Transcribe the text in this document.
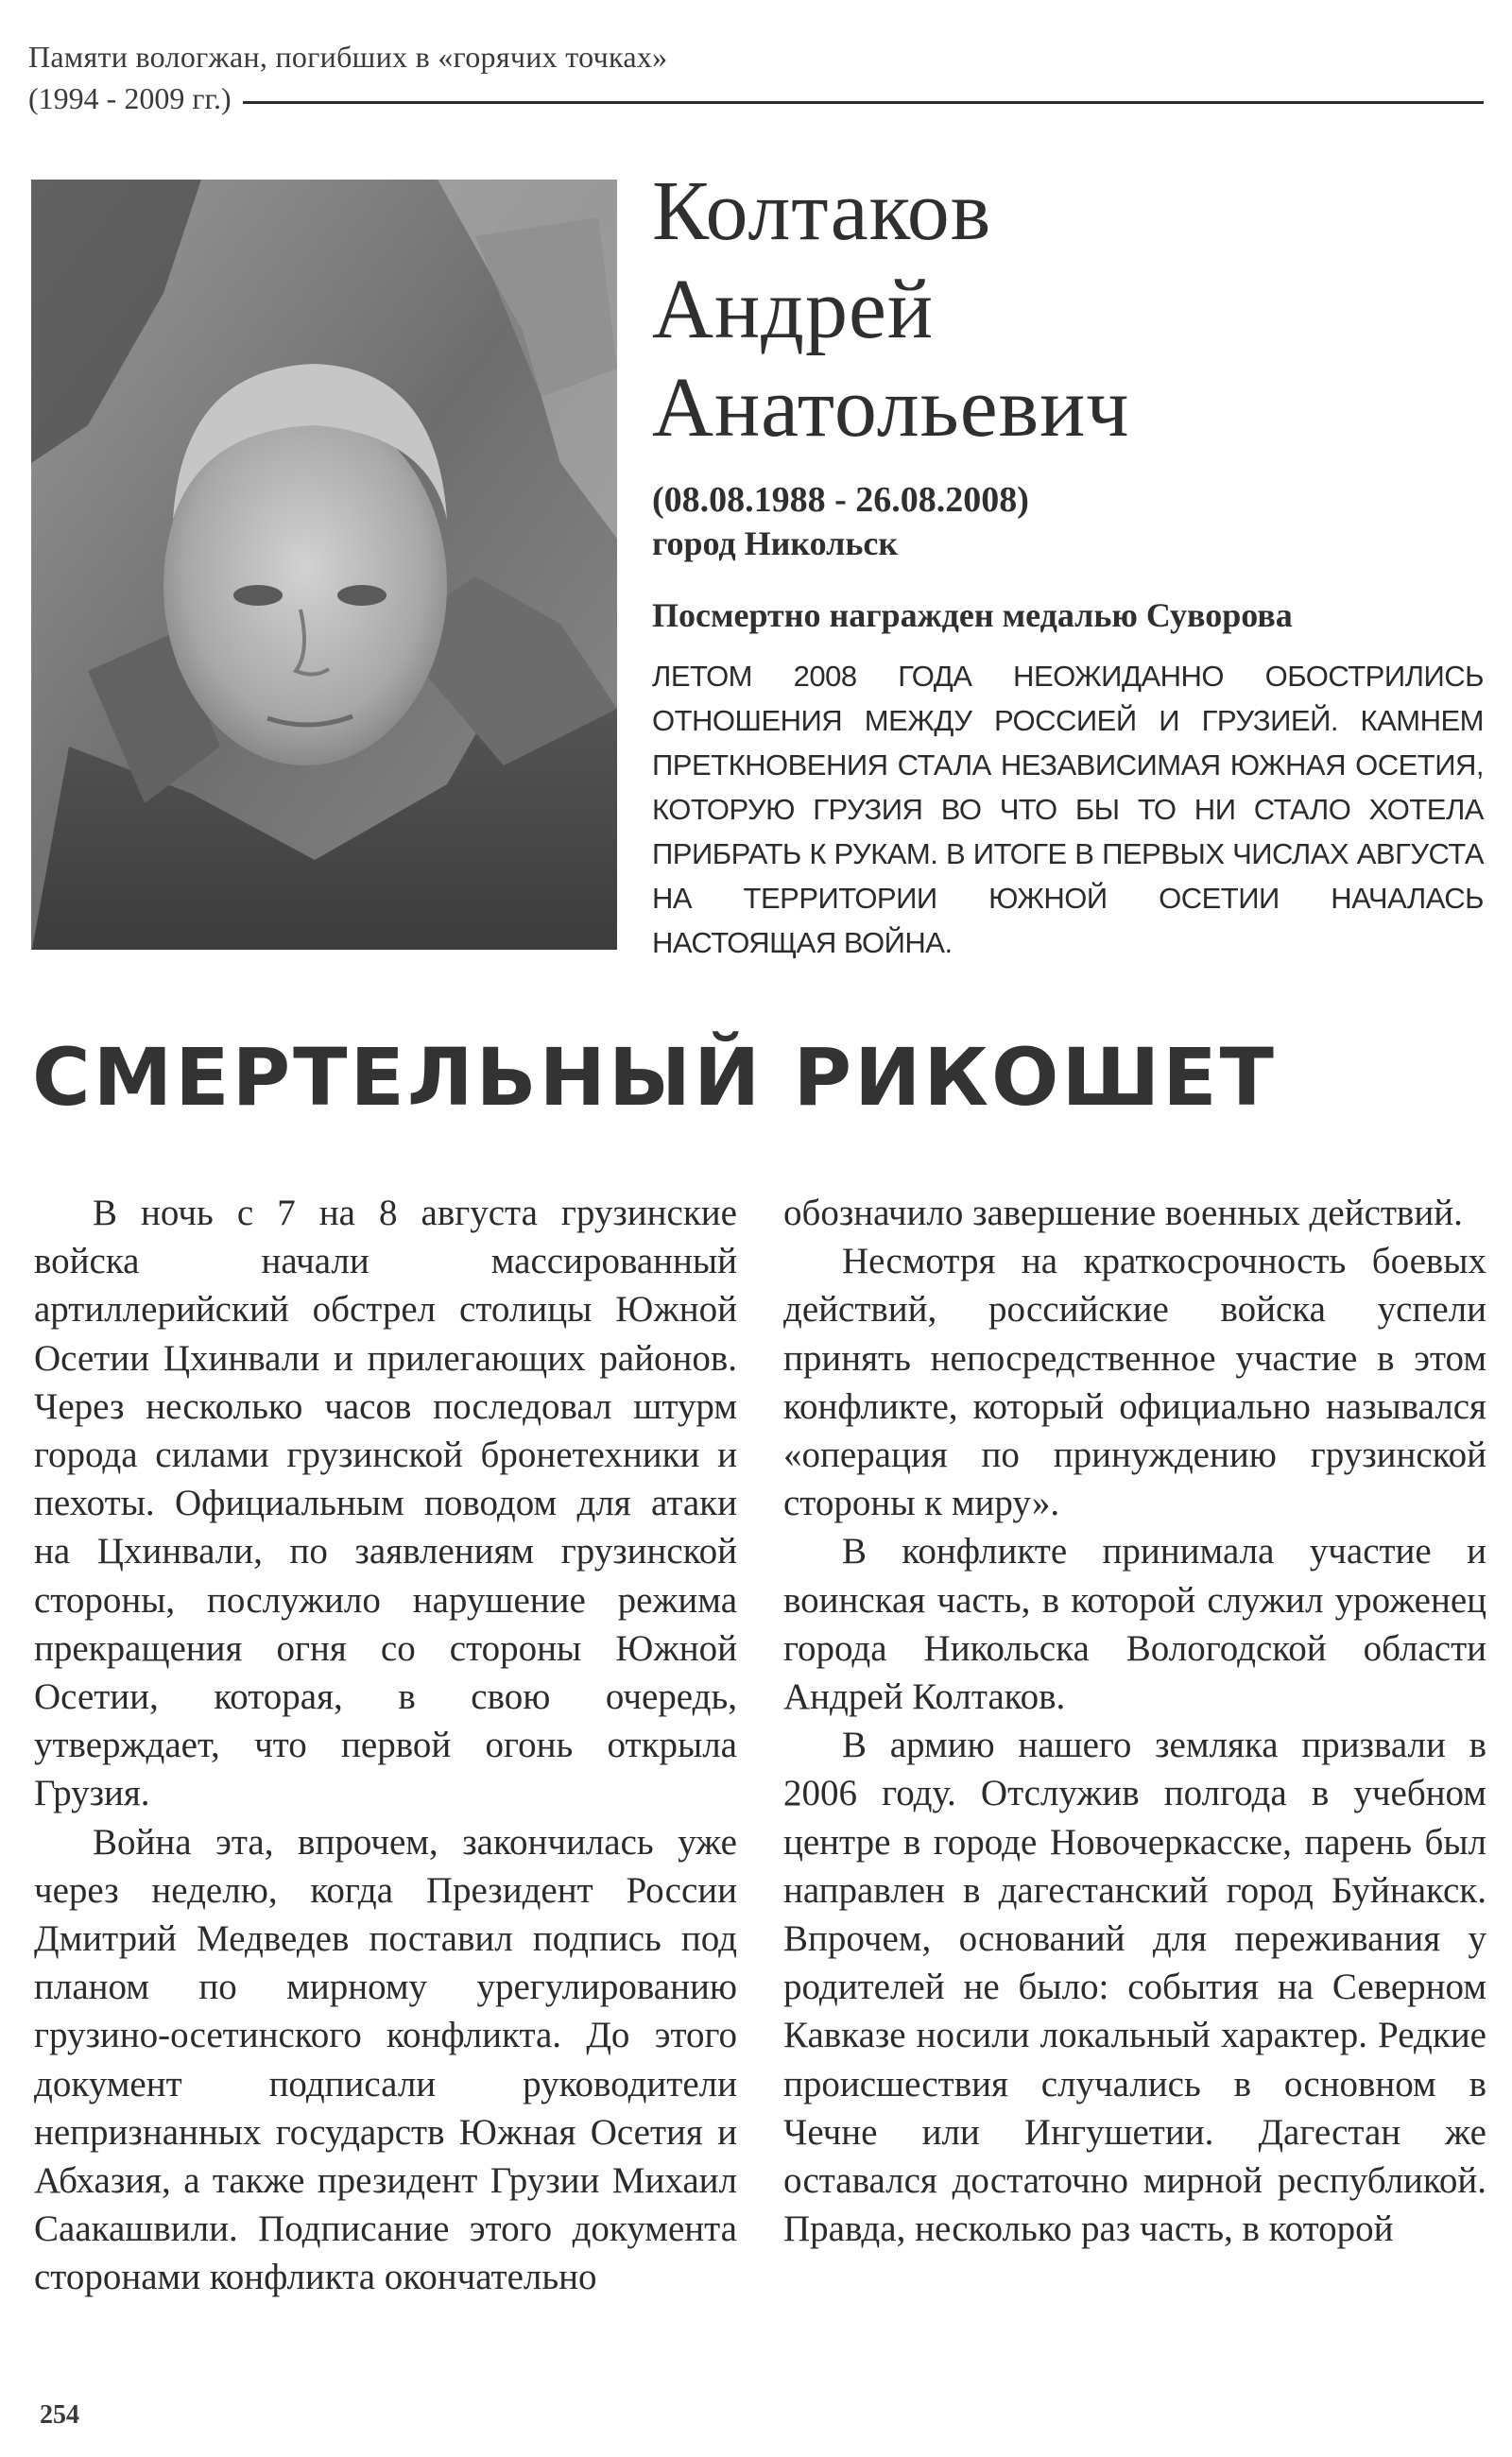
Памяти вологжан, погибших в «горячих точках»
(1994 - 2009 гг.)
Колтаков
Андрей
Анатольевич
(08.08.1988 - 26.08.2008)
город Никольск
Посмертно награжден медалью Суворова
ЛЕТОМ 2008 ГОДА НЕОЖИДАННО ОБОСТРИЛИСЬ ОТНОШЕНИЯ МЕЖДУ РОССИЕЙ И ГРУЗИЕЙ. КАМНЕМ ПРЕТКНОВЕНИЯ СТАЛА НЕЗАВИСИМАЯ ЮЖНАЯ ОСЕТИЯ, КОТОРУЮ ГРУЗИЯ ВО ЧТО БЫ ТО НИ СТАЛО ХОТЕЛА ПРИБРАТЬ К РУКАМ. В ИТОГЕ В ПЕРВЫХ ЧИСЛАХ АВГУСТА НА ТЕРРИТОРИИ ЮЖНОЙ ОСЕТИИ НАЧАЛАСЬ НАСТОЯЩАЯ ВОЙНА.
СМЕРТЕЛЬНЫЙ РИКОШЕТ

В ночь с 7 на 8 августа грузинские войска начали массированный артиллерийский обстрел столицы Южной Осетии Цхинвали и прилегающих районов. Через несколько часов последовал штурм города силами грузинской бронетехники и пехоты. Официальным поводом для атаки на Цхинвали, по заявлениям грузинской стороны, послужило нарушение режима прекращения огня со стороны Южной Осетии, которая, в свою очередь, утверждает, что первой огонь открыла Грузия.

Война эта, впрочем, закончилась уже через неделю, когда Президент России Дмитрий Медведев поставил подпись под планом по мирному урегулированию грузино-осетинского конфликта. До этого документ подписали руководители непризнанных государств Южная Осетия и Абхазия, а также президент Грузии Михаил Саакашвили. Подписание этого документа сторонами конфликта окончательно

обозначило завершение военных действий.

Несмотря на краткосрочность боевых действий, российские войска успели принять непосредственное участие в этом конфликте, который официально назывался «операция по принуждению грузинской стороны к миру».

В конфликте принимала участие и воинская часть, в которой служил уроженец города Никольска Вологодской области Андрей Колтаков.

В армию нашего земляка призвали в 2006 году. Отслужив полгода в учебном центре в городе Новочеркасске, парень был направлен в дагестанский город Буйнакск. Впрочем, оснований для переживания у родителей не было: события на Северном Кавказе носили локальный характер. Редкие происшествия случались в основном в Чечне или Ингушетии. Дагестан же оставался достаточно мирной республикой. Правда, несколько раз часть, в которой

254
